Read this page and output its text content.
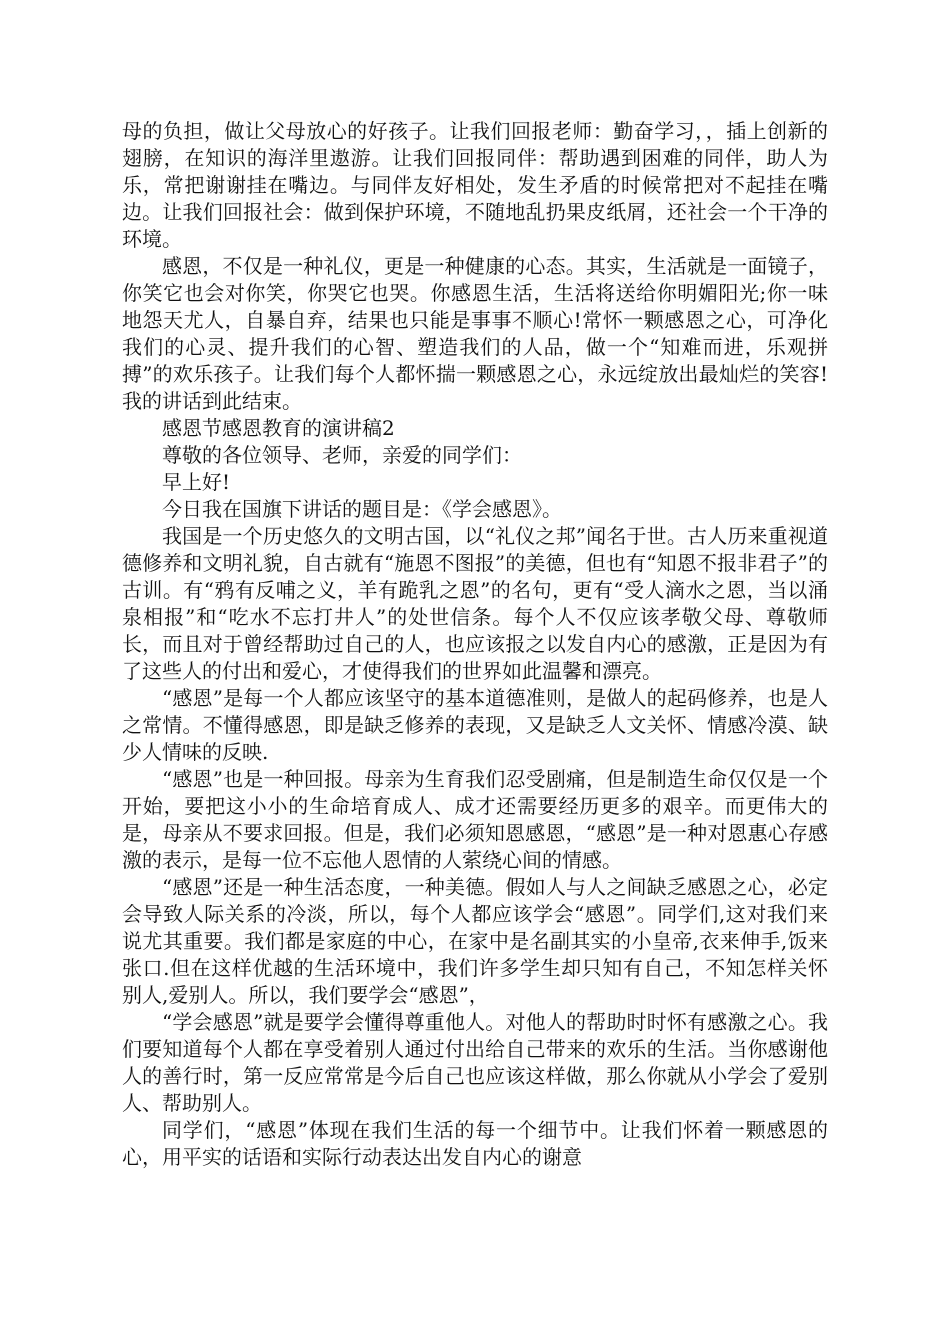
母的负担，做让父母放心的好孩子。让我们回报老师：勤奋学习，，插上创新的翅膀，在知识的海洋里遨游。让我们回报同伴：帮助遇到困难的同伴，助人为乐，常把谢谢挂在嘴边。与同伴友好相处，发生矛盾的时候常把对不起挂在嘴边。让我们回报社会：做到保护环境，不随地乱扔果皮纸屑，还社会一个干净的环境。

感恩，不仅是一种礼仪，更是一种健康的心态。其实，生活就是一面镜子，你笑它也会对你笑，你哭它也哭。你感恩生活，生活将送给你明媚阳光;你一味地怨天尤人，自暴自弃，结果也只能是事事不顺心!常怀一颗感恩之心，可净化我们的心灵、提升我们的心智、塑造我们的人品，做一个“知难而进，乐观拼搏”的欢乐孩子。让我们每个人都怀揣一颗感恩之心，永远绽放出最灿烂的笑容!我的讲话到此结束。

感恩节感恩教育的演讲稿2

尊敬的各位领导、老师，亲爱的同学们：

早上好!

今日我在国旗下讲话的题目是：《学会感恩》。

我国是一个历史悠久的文明古国，以“礼仪之邦”闻名于世。古人历来重视道德修养和文明礼貌，自古就有“施恩不图报”的美德，但也有“知恩不报非君子”的古训。有“鸦有反哺之义，羊有跪乳之恩”的名句，更有“受人滴水之恩，当以涌泉相报”和“吃水不忘打井人”的处世信条。每个人不仅应该孝敬父母、尊敬师长，而且对于曾经帮助过自己的人，也应该报之以发自内心的感激，正是因为有了这些人的付出和爱心，才使得我们的世界如此温馨和漂亮。

“感恩”是每一个人都应该坚守的基本道德准则，是做人的起码修养，也是人之常情。不懂得感恩，即是缺乏修养的表现，又是缺乏人文关怀、情感冷漠、缺少人情味的反映.

“感恩”也是一种回报。母亲为生育我们忍受剧痛，但是制造生命仅仅是一个开始，要把这小小的生命培育成人、成才还需要经历更多的艰辛。而更伟大的是，母亲从不要求回报。但是，我们必须知恩感恩，“感恩”是一种对恩惠心存感激的表示，是每一位不忘他人恩情的人萦绕心间的情感。

“感恩”还是一种生活态度，一种美德。假如人与人之间缺乏感恩之心，必定会导致人际关系的冷淡，所以，每个人都应该学会“感恩”。同学们,这对我们来说尤其重要。我们都是家庭的中心，在家中是名副其实的小皇帝,衣来伸手,饭来张口.但在这样优越的生活环境中，我们许多学生却只知有自己，不知怎样关怀别人,爱别人。所以，我们要学会“感恩”，

“学会感恩”就是要学会懂得尊重他人。对他人的帮助时时怀有感激之心。我们要知道每个人都在享受着别人通过付出给自己带来的欢乐的生活。当你感谢他人的善行时，第一反应常常是今后自己也应该这样做，那么你就从小学会了爱别人、帮助别人。

同学们，“感恩”体现在我们生活的每一个细节中。让我们怀着一颗感恩的心，用平实的话语和实际行动表达出发自内心的谢意
